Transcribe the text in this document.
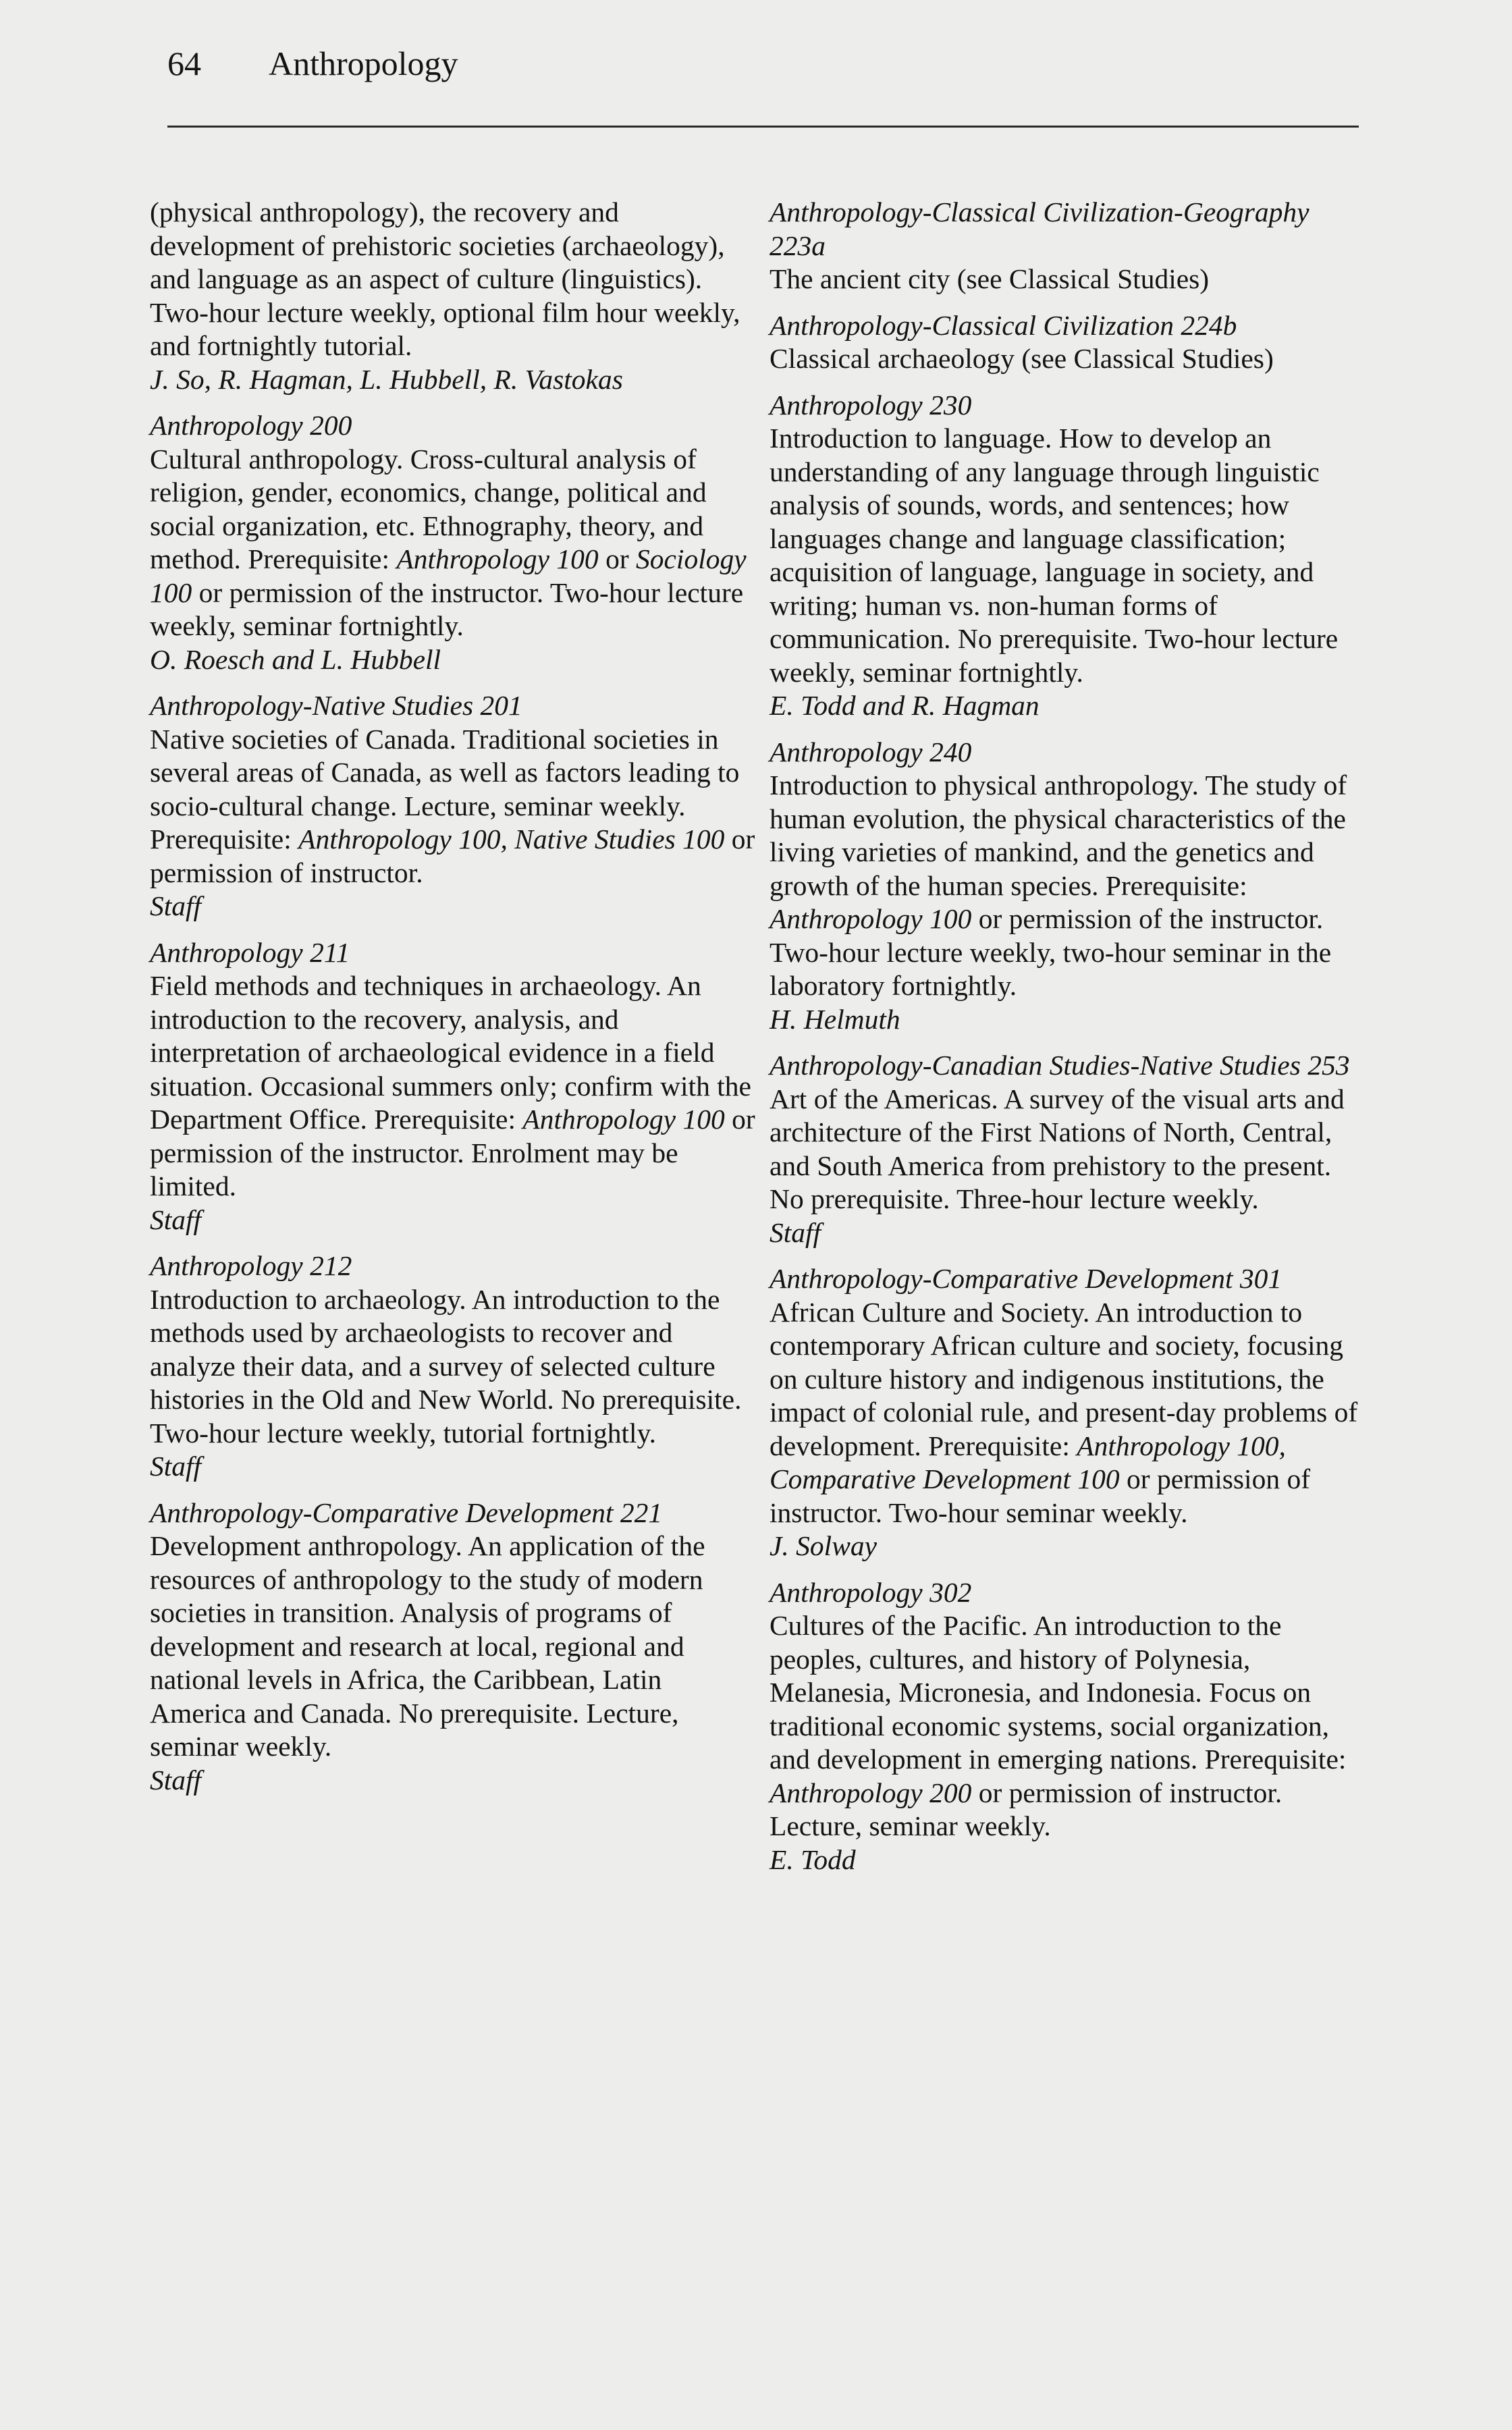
64 Anthropology
(physical anthropology), the recovery and development of prehistoric societies (archaeology), and language as an aspect of culture (linguistics). Two-hour lecture weekly, optional film hour weekly, and fortnightly tutorial.
J. So, R. Hagman, L. Hubbell, R. Vastokas
Anthropology 200
Cultural anthropology. Cross-cultural analysis of religion, gender, economics, change, political and social organization, etc. Ethnography, theory, and method. Prerequisite: Anthropology 100 or Sociology 100 or permission of the instructor. Two-hour lecture weekly, seminar fortnightly.
O. Roesch and L. Hubbell
Anthropology-Native Studies 201
Native societies of Canada. Traditional societies in several areas of Canada, as well as factors leading to socio-cultural change. Lecture, seminar weekly. Prerequisite: Anthropology 100, Native Studies 100 or permission of instructor.
Staff
Anthropology 211
Field methods and techniques in archaeology. An introduction to the recovery, analysis, and interpretation of archaeological evidence in a field situation. Occasional summers only; confirm with the Department Office. Prerequisite: Anthropology 100 or permission of the instructor. Enrolment may be limited.
Staff
Anthropology 212
Introduction to archaeology. An introduction to the methods used by archaeologists to recover and analyze their data, and a survey of selected culture histories in the Old and New World. No prerequisite. Two-hour lecture weekly, tutorial fortnightly.
Staff
Anthropology-Comparative Development 221
Development anthropology. An application of the resources of anthropology to the study of modern societies in transition. Analysis of programs of development and research at local, regional and national levels in Africa, the Caribbean, Latin America and Canada. No prerequisite. Lecture, seminar weekly.
Staff
Anthropology-Classical Civilization-Geography 223a
The ancient city (see Classical Studies)
Anthropology-Classical Civilization 224b
Classical archaeology (see Classical Studies)
Anthropology 230
Introduction to language. How to develop an understanding of any language through linguistic analysis of sounds, words, and sentences; how languages change and language classification; acquisition of language, language in society, and writing; human vs. non-human forms of communication. No prerequisite. Two-hour lecture weekly, seminar fortnightly.
E. Todd and R. Hagman
Anthropology 240
Introduction to physical anthropology. The study of human evolution, the physical characteristics of the living varieties of mankind, and the genetics and growth of the human species. Prerequisite: Anthropology 100 or permission of the instructor. Two-hour lecture weekly, two-hour seminar in the laboratory fortnightly.
H. Helmuth
Anthropology-Canadian Studies-Native Studies 253
Art of the Americas. A survey of the visual arts and architecture of the First Nations of North, Central, and South America from prehistory to the present. No prerequisite. Three-hour lecture weekly.
Staff
Anthropology-Comparative Development 301
African Culture and Society. An introduction to contemporary African culture and society, focusing on culture history and indigenous institutions, the impact of colonial rule, and present-day problems of development. Prerequisite: Anthropology 100, Comparative Development 100 or permission of instructor. Two-hour seminar weekly.
J. Solway
Anthropology 302
Cultures of the Pacific. An introduction to the peoples, cultures, and history of Polynesia, Melanesia, Micronesia, and Indonesia. Focus on traditional economic systems, social organization, and development in emerging nations. Prerequisite: Anthropology 200 or permission of instructor. Lecture, seminar weekly.
E. Todd
